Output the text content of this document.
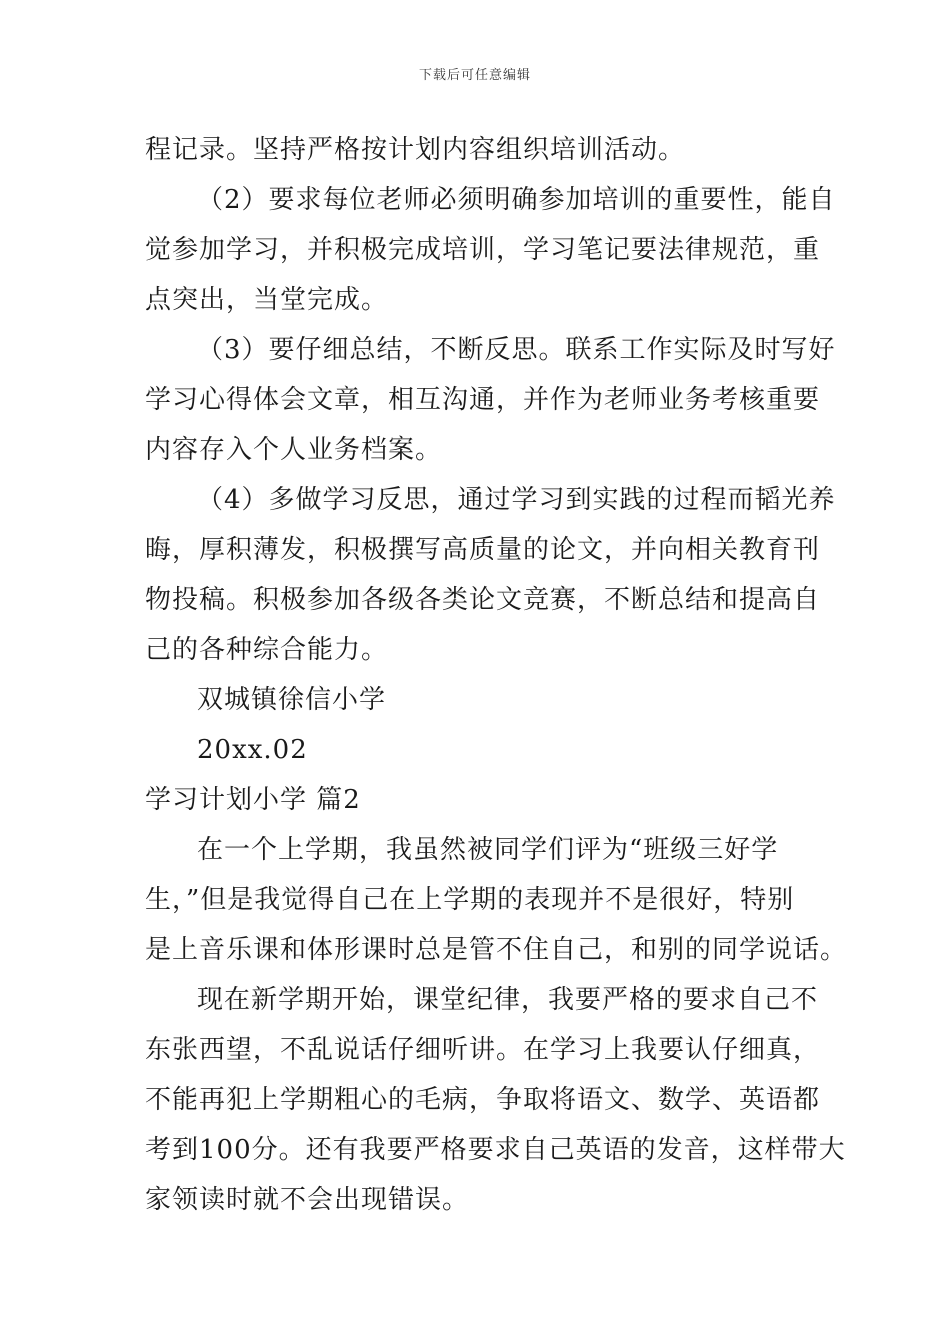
下载后可任意编辑
程记录。坚持严格按计划内容组织培训活动。
（2）要求每位老师必须明确参加培训的重要性，能自
觉参加学习，并积极完成培训，学习笔记要法律规范，重
点突出，当堂完成。
（3）要仔细总结，不断反思。联系工作实际及时写好
学习心得体会文章，相互沟通，并作为老师业务考核重要
内容存入个人业务档案。
（4）多做学习反思，通过学习到实践的过程而韬光养
晦，厚积薄发，积极撰写高质量的论文，并向相关教育刊
物投稿。积极参加各级各类论文竞赛，不断总结和提高自
己的各种综合能力。
双城镇徐信小学
20xx.02
学习计划小学 篇2
在一个上学期，我虽然被同学们评为“班级三好学
生，”但是我觉得自己在上学期的表现并不是很好，特别
是上音乐课和体形课时总是管不住自己，和别的同学说话。
现在新学期开始，课堂纪律，我要严格的要求自己不
东张西望，不乱说话仔细听讲。在学习上我要认仔细真，
不能再犯上学期粗心的毛病，争取将语文、数学、英语都
考到100分。还有我要严格要求自己英语的发音，这样带大
家领读时就不会出现错误。
